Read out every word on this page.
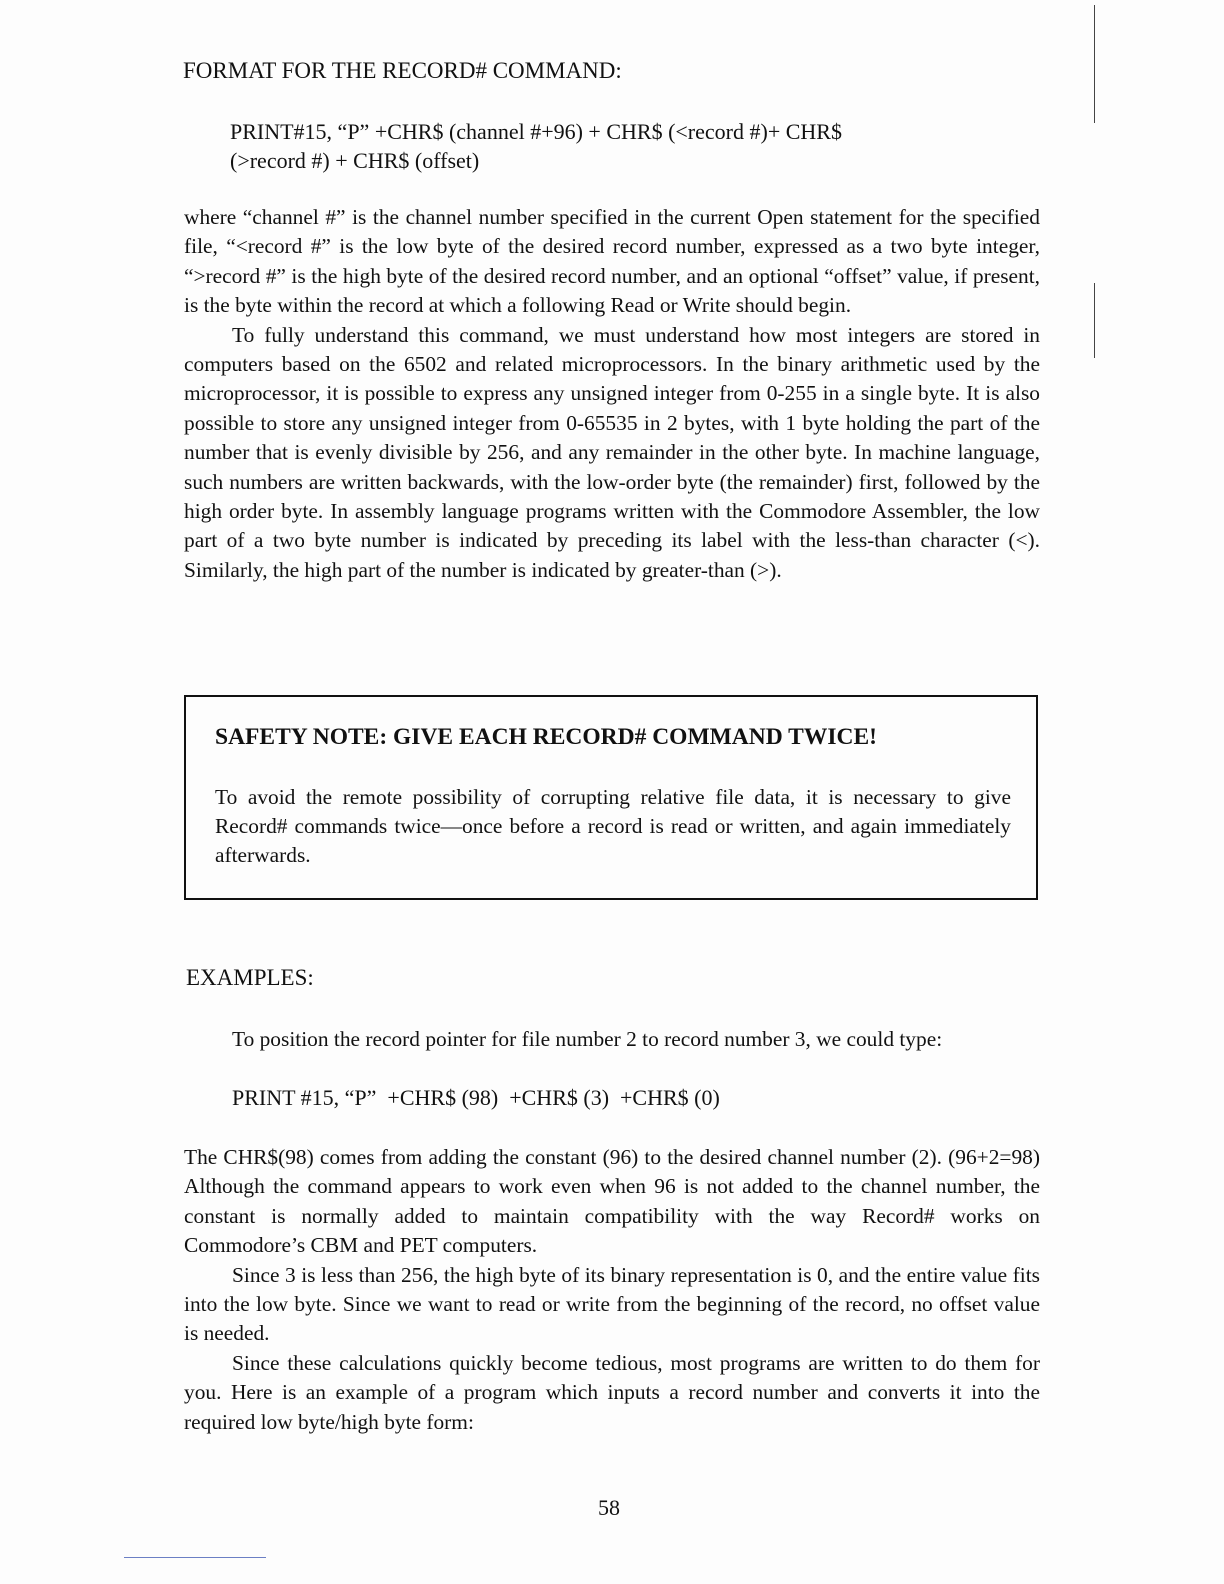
FORMAT FOR THE RECORD# COMMAND:
PRINT#15, “P” +CHR$ (channel #+96) + CHR$ (<record #)+ CHR$
(>record #) + CHR$ (offset)

where “channel #” is the channel number specified in the current Open statement for the specified file, “<record #” is the low byte of the desired record number, expressed as a two byte integer, “>record #” is the high byte of the desired record number, and an optional “offset” value, if present, is the byte within the record at which a following Read or Write should begin.

To fully understand this command, we must understand how most integers are stored in computers based on the 6502 and related microprocessors. In the binary arithmetic used by the microprocessor, it is possible to express any unsigned integer from 0-255 in a single byte. It is also possible to store any unsigned integer from 0-65535 in 2 bytes, with 1 byte holding the part of the number that is evenly divisible by 256, and any remainder in the other byte. In machine language, such numbers are written backwards, with the low-order byte (the remainder) first, followed by the high order byte. In assembly language programs written with the Commodore Assembler, the low part of a two byte number is indicated by preceding its label with the less-than character (<). Similarly, the high part of the number is indicated by greater-than (>).

SAFETY NOTE: GIVE EACH RECORD# COMMAND TWICE!
To avoid the remote possibility of corrupting relative file data, it is necessary to give Record# commands twice—once before a record is read or written, and again immediately afterwards.
EXAMPLES:
To position the record pointer for file number 2 to record number 3, we could type:
PRINT #15, “P”  +CHR$ (98)  +CHR$ (3)  +CHR$ (0)

The CHR$(98) comes from adding the constant (96) to the desired channel number (2). (96+2=98) Although the command appears to work even when 96 is not added to the channel number, the constant is normally added to maintain compatibility with the way Record# works on Commodore’s CBM and PET computers.

Since 3 is less than 256, the high byte of its binary representation is 0, and the entire value fits into the low byte. Since we want to read or write from the beginning of the record, no offset value is needed.

Since these calculations quickly become tedious, most programs are written to do them for you. Here is an example of a program which inputs a record number and converts it into the required low byte/high byte form:

58
